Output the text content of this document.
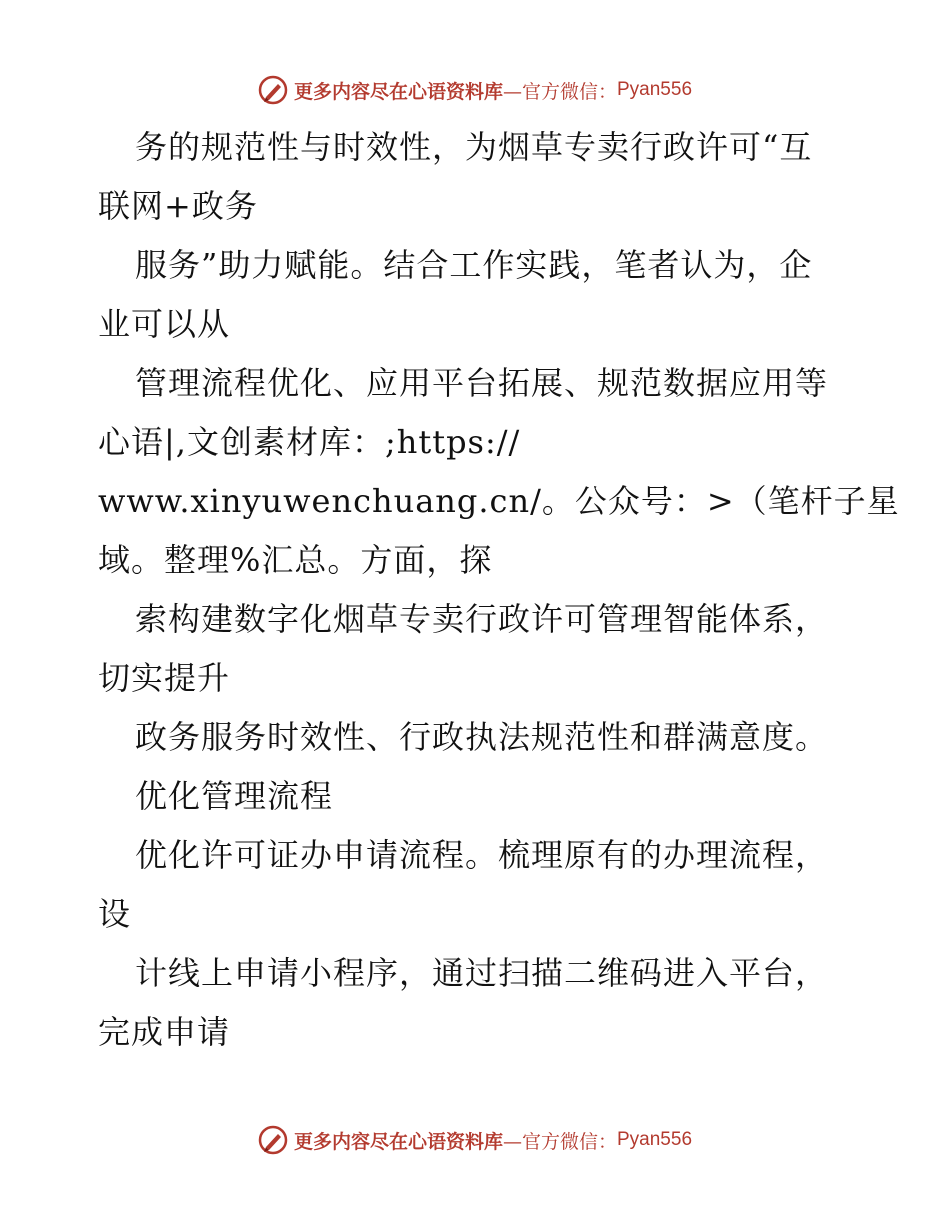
更多内容尽在心语资料库 —官方微信： Pyan556
务的规范性与时效性，为烟草专卖行政许可“互
联网+政务
服务”助力赋能。结合工作实践，笔者认为，企
业可以从
管理流程优化、应用平台拓展、规范数据应用等
心语|,文创素材库：;https://
www.xinyuwenchuang.cn/。公众号：>（笔杆子星
域。整理%汇总。方面，探
索构建数字化烟草专卖行政许可管理智能体系，
切实提升
政务服务时效性、行政执法规范性和群满意度。
优化管理流程
优化许可证办申请流程。梳理原有的办理流程，
设
计线上申请小程序，通过扫描二维码进入平台，
完成申请
更多内容尽在心语资料库 —官方微信： Pyan556
